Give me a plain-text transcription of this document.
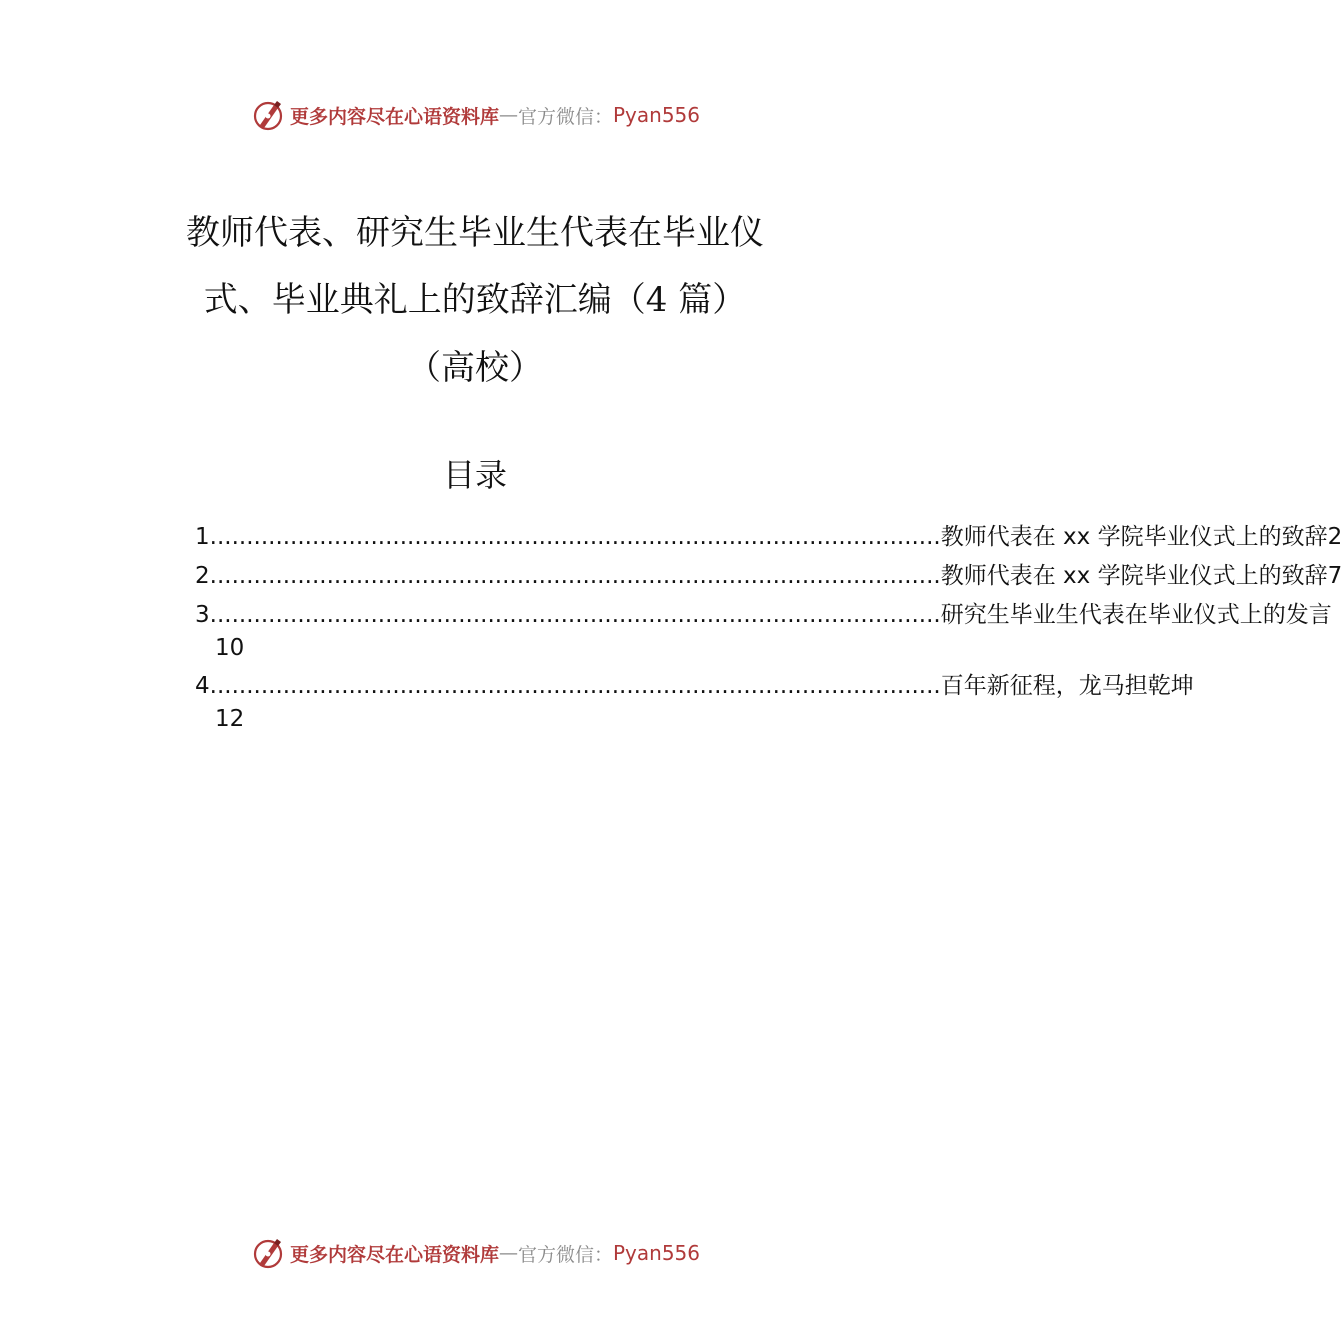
更多内容尽在心语资料库 — 官方微信： Pyan556
教师代表、研究生毕业生代表在毕业仪
式、毕业典礼上的致辞汇编（4 篇）
（高校）
目录
1 .................................................................................................... 教师代表在 xx 学院毕业仪式上的致辞 2
2 .................................................................................................... 教师代表在 xx 学院毕业仪式上的致辞 7
3 .................................................................................................... 研究生毕业生代表在毕业仪式上的发言
10
4 .................................................................................................... 百年新征程，龙马担乾坤
12
更多内容尽在心语资料库 — 官方微信： Pyan556
